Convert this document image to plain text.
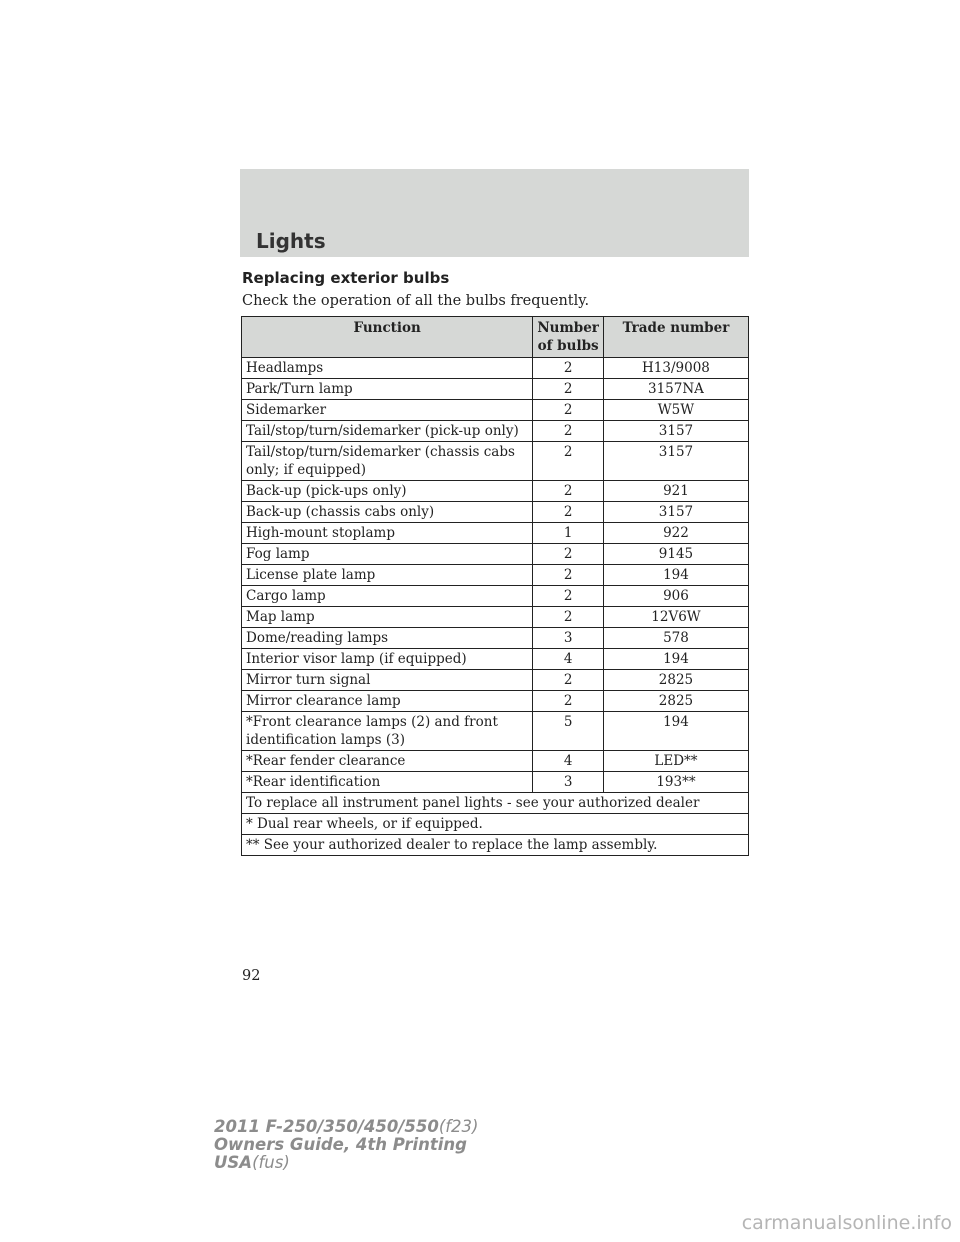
Lights
Replacing exterior bulbs
Check the operation of all the bulbs frequently.
Function	Number of bulbs	Trade number
Headlamps	2	H13/9008
Park/Turn lamp	2	3157NA
Sidemarker	2	W5W
Tail/stop/turn/sidemarker (pick-up only)	2	3157
Tail/stop/turn/sidemarker (chassis cabs only; if equipped)	2	3157
Back-up (pick-ups only)	2	921
Back-up (chassis cabs only)	2	3157
High-mount stoplamp	1	922
Fog lamp	2	9145
License plate lamp	2	194
Cargo lamp	2	906
Map lamp	2	12V6W
Dome/reading lamps	3	578
Interior visor lamp (if equipped)	4	194
Mirror turn signal	2	2825
Mirror clearance lamp	2	2825
*Front clearance lamps (2) and front identification lamps (3)	5	194
*Rear fender clearance	4	LED**
*Rear identification	3	193**
To replace all instrument panel lights - see your authorized dealer		
* Dual rear wheels, or if equipped.		
** See your authorized dealer to replace the lamp assembly.		
92
2011 F-250/350/450/550(f23)
Owners Guide, 4th Printing
USA(fus)
carmanualsonline.info
